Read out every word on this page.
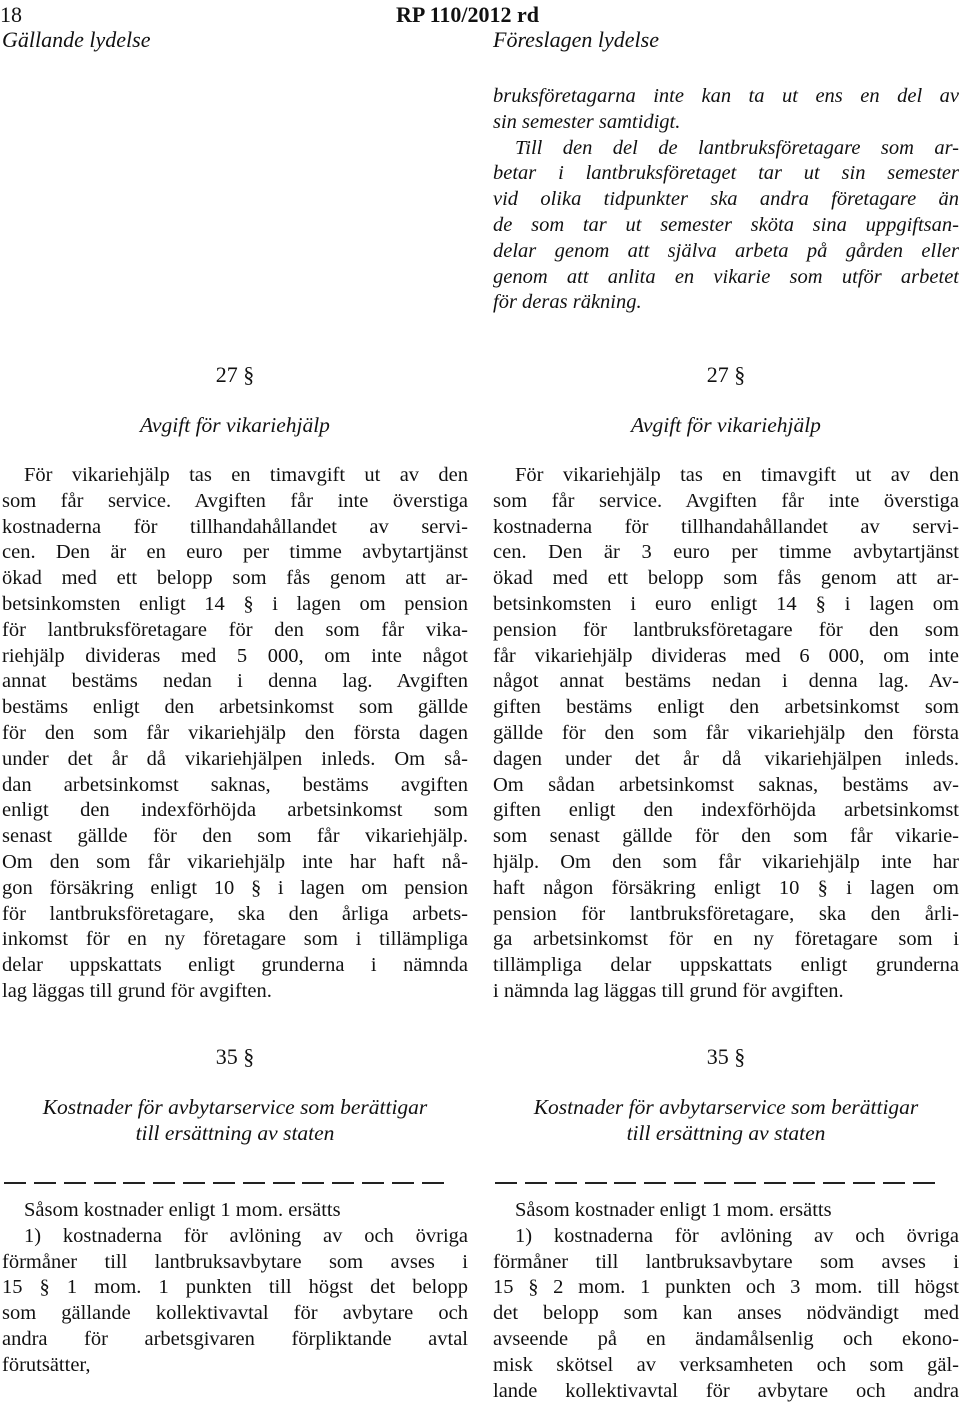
18	RP 110/2012 rd
Gällande lydelse	Föreslagen lydelse
bruksföretagarna inte kan ta ut ens en del av
sin semester samtidigt.
Till den del de lantbruksföretagare som ar-
betar i lantbruksföretaget tar ut sin semester
vid olika tidpunkter ska andra företagare än
de som tar ut semester sköta sina uppgiftsan-
delar genom att själva arbeta på gården eller
genom att anlita en vikarie som utför arbetet
för deras räkning.
27 §
Avgift för vikariehjälp
27 §
Avgift för vikariehjälp
För vikariehjälp tas en timavgift ut av den
som får service. Avgiften får inte överstiga
kostnaderna för tillhandahållandet av servi-
cen. Den är en euro per timme avbytartjänst
ökad med ett belopp som fås genom att ar-
betsinkomsten enligt 14 § i lagen om pension
för lantbruksföretagare för den som får vika-
riehjälp divideras med 5 000, om inte något
annat bestäms nedan i denna lag. Avgiften
bestäms enligt den arbetsinkomst som gällde
för den som får vikariehjälp den första dagen
under det år då vikariehjälpen inleds. Om så-
dan arbetsinkomst saknas, bestäms avgiften
enligt den indexförhöjda arbetsinkomst som
senast gällde för den som får vikariehjälp.
Om den som får vikariehjälp inte har haft nå-
gon försäkring enligt 10 § i lagen om pension
för lantbruksföretagare, ska den årliga arbets-
inkomst för en ny företagare som i tillämpliga
delar uppskattats enligt grunderna i nämnda
lag läggas till grund för avgiften.
För vikariehjälp tas en timavgift ut av den
som får service. Avgiften får inte överstiga
kostnaderna för tillhandahållandet av servi-
cen. Den är 3 euro per timme avbytartjänst
ökad med ett belopp som fås genom att ar-
betsinkomsten i euro enligt 14 § i lagen om
pension för lantbruksföretagare för den som
får vikariehjälp divideras med 6 000, om inte
något annat bestäms nedan i denna lag. Av-
giften bestäms enligt den arbetsinkomst som
gällde för den som får vikariehjälp den första
dagen under det år då vikariehjälpen inleds.
Om sådan arbetsinkomst saknas, bestäms av-
giften enligt den indexförhöjda arbetsinkomst
som senast gällde för den som får vikarie-
hjälp. Om den som får vikariehjälp inte har
haft någon försäkring enligt 10 § i lagen om
pension för lantbruksföretagare, ska den årli-
ga arbetsinkomst för en ny företagare som i
tillämpliga delar uppskattats enligt grunderna
i nämnda lag läggas till grund för avgiften.
35 §
Kostnader för avbytarservice som berättigar
till ersättning av staten
35 §
Kostnader för avbytarservice som berättigar
till ersättning av staten
Såsom kostnader enligt 1 mom. ersätts
1) kostnaderna för avlöning av och övriga
förmåner till lantbruksavbytare som avses i
15 § 1 mom. 1 punkten till högst det belopp
som gällande kollektivavtal för avbytare och
andra för arbetsgivaren förpliktande avtal
förutsätter,
Såsom kostnader enligt 1 mom. ersätts
1) kostnaderna för avlöning av och övriga
förmåner till lantbruksavbytare som avses i
15 § 2 mom. 1 punkten och 3 mom. till högst
det belopp som kan anses nödvändigt med
avseende på en ändamålsenlig och ekono-
misk skötsel av verksamheten och som gäl-
lande kollektivavtal för avbytare och andra
